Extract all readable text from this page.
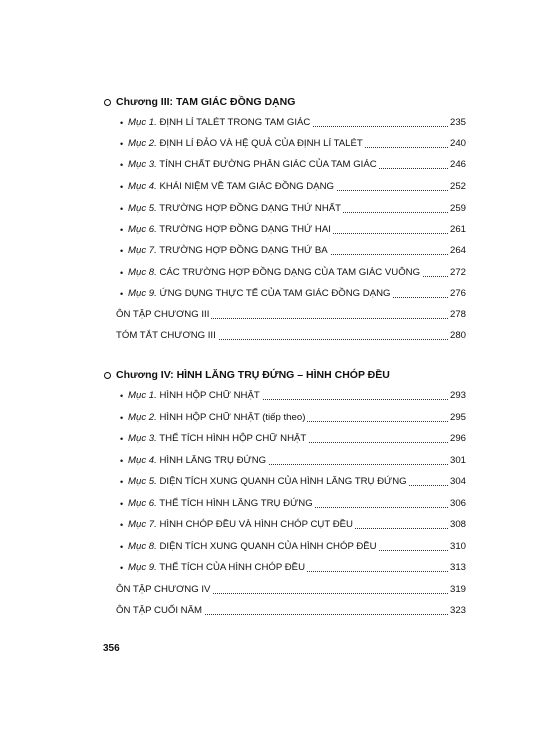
Chương III: TAM GIÁC ĐỒNG DẠNG
• Mục 1. ĐỊNH LÍ TALÉT TRONG TAM GIÁC	235
• Mục 2. ĐỊNH LÍ ĐẢO VÀ HỆ QUẢ CỦA ĐỊNH LÍ TALÉT	240
• Mục 3. TÍNH CHẤT ĐƯỜNG PHÂN GIÁC CỦA TAM GIÁC	246
• Mục 4. KHÁI NIỆM VỀ TAM GIÁC ĐỒNG DẠNG	252
• Mục 5. TRƯỜNG HỢP ĐỒNG DẠNG THỨ NHẤT	259
• Mục 6. TRƯỜNG HỢP ĐỒNG DẠNG THỨ HAI	261
• Mục 7. TRƯỜNG HỢP ĐỒNG DẠNG THỨ BA	264
• Mục 8. CÁC TRƯỜNG HỢP ĐỒNG DẠNG CỦA TAM GIÁC VUÔNG	272
• Mục 9. ỨNG DỤNG THỰC TẾ CỦA TAM GIÁC ĐỒNG DẠNG	276
ÔN TẬP CHƯƠNG III	278
TÓM TẮT CHƯƠNG III	280
Chương IV: HÌNH LĂNG TRỤ ĐỨNG – HÌNH CHÓP ĐỀU
• Mục 1. HÌNH HỘP CHỮ NHẬT	293
• Mục 2. HÌNH HỘP CHỮ NHẬT (tiếp theo)	295
• Mục 3. THỂ TÍCH HÌNH HỘP CHỮ NHẬT	296
• Mục 4. HÌNH LĂNG TRỤ ĐỨNG	301
• Mục 5. DIỆN TÍCH XUNG QUANH CỦA HÌNH LĂNG TRỤ ĐỨNG	304
• Mục 6. THỂ TÍCH HÌNH LĂNG TRỤ ĐỨNG	306
• Mục 7. HÌNH CHÓP ĐỀU VÀ HÌNH CHÓP CỤT ĐỀU	308
• Mục 8. DIỆN TÍCH XUNG QUANH CỦA HÌNH CHÓP ĐỀU	310
• Mục 9. THỂ TÍCH CỦA HÌNH CHÓP ĐỀU	313
ÔN TẬP CHƯƠNG IV	319
ÔN TẬP CUỐI NĂM	323
356
